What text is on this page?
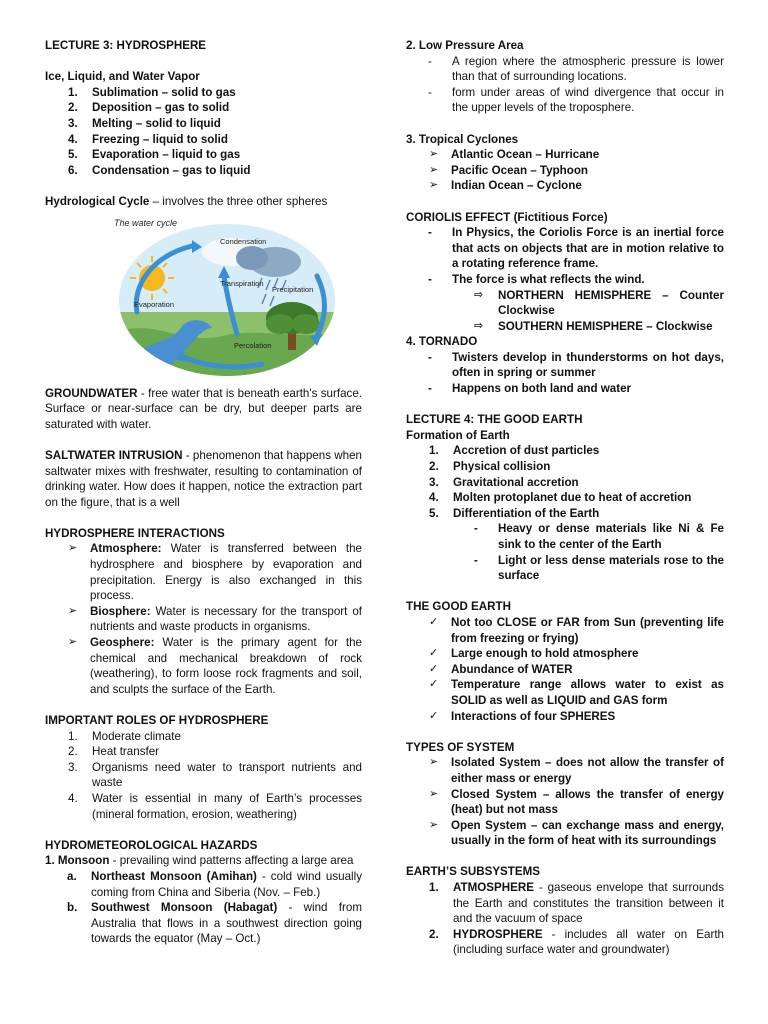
LECTURE 3: HYDROSPHERE
Ice, Liquid, and Water Vapor
1.	Sublimation – solid to gas
2.	Deposition – gas to solid
3.	Melting – solid to liquid
4.	Freezing – liquid to solid
5.	Evaporation – liquid to gas
6.	Condensation – gas to liquid
Hydrological Cycle – involves the three other spheres
The water cycle
Condensation
Transpiration
Precipitation
Evaporation
Percolation
GROUNDWATER - free water that is beneath earth's surface. Surface or near-surface can be dry, but deeper parts are saturated with water.
SALTWATER INTRUSION - phenomenon that happens when saltwater mixes with freshwater, resulting to contamination of drinking water. How does it happen, notice the extraction part on the figure, that is a well
HYDROSPHERE INTERACTIONS
➢	Atmosphere: Water is transferred between the hydrosphere and biosphere by evaporation and precipitation. Energy is also exchanged in this process.
➢	Biosphere: Water is necessary for the transport of nutrients and waste products in organisms.
➢	Geosphere: Water is the primary agent for the chemical and mechanical breakdown of rock (weathering), to form loose rock fragments and soil, and sculpts the surface of the Earth.
IMPORTANT ROLES OF HYDROSPHERE
1.	Moderate climate
2.	Heat transfer
3.	Organisms need water to transport nutrients and waste
4.	Water is essential in many of Earth’s processes (mineral formation, erosion, weathering)
HYDROMETEOROLOGICAL HAZARDS
1. Monsoon - prevailing wind patterns affecting a large area
a.	Northeast Monsoon (Amihan) - cold wind usually coming from China and Siberia (Nov. – Feb.)
b.	Southwest Monsoon (Habagat) - wind from Australia that flows in a southwest direction going towards the equator (May – Oct.)
2. Low Pressure Area
-	A region where the atmospheric pressure is lower than that of surrounding locations.
-	form under areas of wind divergence that occur in the upper levels of the troposphere.
3. Tropical Cyclones
➢	Atlantic Ocean – Hurricane
➢	Pacific Ocean – Typhoon
➢	Indian Ocean – Cyclone
CORIOLIS EFFECT (Fictitious Force)
-	In Physics, the Coriolis Force is an inertial force that acts on objects that are in motion relative to a rotating reference frame.
-	The force is what reflects the wind.
⇨	NORTHERN HEMISPHERE – Counter Clockwise
⇨	SOUTHERN HEMISPHERE – Clockwise
4. TORNADO
-	Twisters develop in thunderstorms on hot days, often in spring or summer
-	Happens on both land and water
LECTURE 4: THE GOOD EARTH
Formation of Earth
1.	Accretion of dust particles
2.	Physical collision
3.	Gravitational accretion
4.	Molten protoplanet due to heat of accretion
5.	Differentiation of the Earth
-	Heavy or dense materials like Ni & Fe sink to the center of the Earth
-	Light or less dense materials rose to the surface
THE GOOD EARTH
✓	Not too CLOSE or FAR from Sun (preventing life from freezing or frying)
✓	Large enough to hold atmosphere
✓	Abundance of WATER
✓	Temperature range allows water to exist as SOLID as well as LIQUID and GAS form
✓	Interactions of four SPHERES
TYPES OF SYSTEM
➢	Isolated System – does not allow the transfer of either mass or energy
➢	Closed System – allows the transfer of energy (heat) but not mass
➢	Open System – can exchange mass and energy, usually in the form of heat with its surroundings
EARTH’S SUBSYSTEMS
1.	ATMOSPHERE - gaseous envelope that surrounds the Earth and constitutes the transition between it and the vacuum of space
2.	HYDROSPHERE - includes all water on Earth (including surface water and groundwater)
